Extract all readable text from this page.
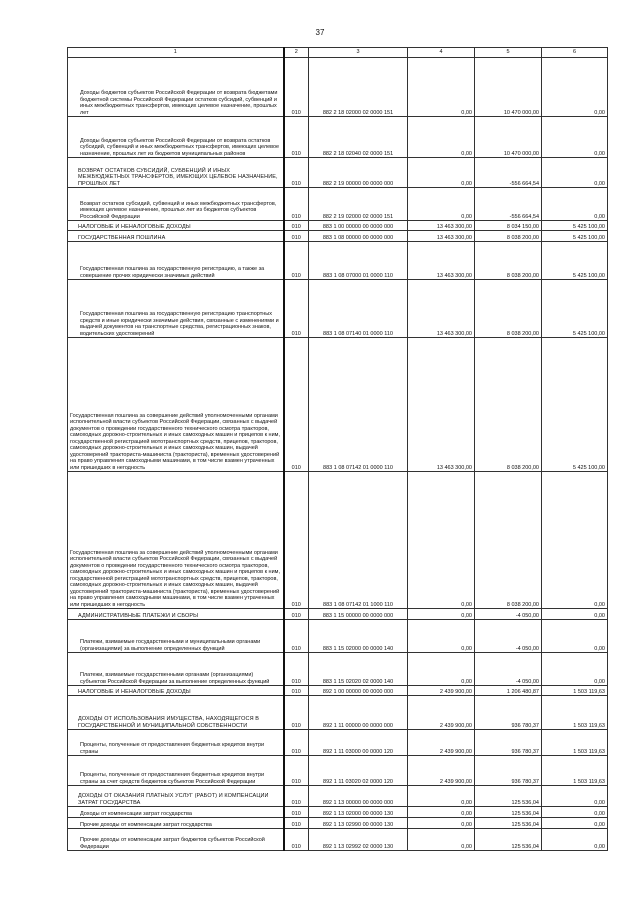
37
1	2	3	4	5	6
Доходы бюджетов субъектов Российской Федерации от возврата бюджетами бюджетной системы Российской Федерации остатков субсидий, субвенций и иных межбюджетных трансфертов, имеющих целевое назначение, прошлых лет	010	882 2 18 02000 02 0000 151	0,00	10 470 000,00	0,00
Доходы бюджетов субъектов Российской Федерации от возврата остатков субсидий, субвенций и иных межбюджетных трансфертов, имеющих целевое назначение, прошлых лет из бюджетов муниципальных районов	010	882 2 18 02040 02 0000 151	0,00	10 470 000,00	0,00
ВОЗВРАТ ОСТАТКОВ СУБСИДИЙ, СУБВЕНЦИЙ И ИНЫХ МЕЖБЮДЖЕТНЫХ ТРАНСФЕРТОВ, ИМЕЮЩИХ ЦЕЛЕВОЕ НАЗНАЧЕНИЕ, ПРОШЛЫХ ЛЕТ	010	882 2 19 00000 00 0000 000	0,00	-556 664,54	0,00
Возврат остатков субсидий, субвенций и иных межбюджетных трансфертов, имеющих целевое назначение, прошлых лет из бюджетов субъектов Российской Федерации	010	882 2 19 02000 02 0000 151	0,00	-556 664,54	0,00
НАЛОГОВЫЕ И НЕНАЛОГОВЫЕ ДОХОДЫ	010	883 1 00 00000 00 0000 000	13 463 300,00	8 034 150,00	5 425 100,00
ГОСУДАРСТВЕННАЯ ПОШЛИНА	010	883 1 08 00000 00 0000 000	13 463 300,00	8 038 200,00	5 425 100,00
Государственная пошлина за государственную регистрацию, а также за совершение прочих юридически значимых действий	010	883 1 08 07000 01 0000 110	13 463 300,00	8 038 200,00	5 425 100,00
Государственная пошлина за государственную регистрацию транспортных средств и иные юридически значимые действия, связанные с изменениями и выдачей документов на транспортные средства, регистрационных знаков, водительских удостоверений	010	883 1 08 07140 01 0000 110	13 463 300,00	8 038 200,00	5 425 100,00
Государственная пошлина за совершение действий уполномоченными органами исполнительной власти субъектов Российской Федерации, связанных с выдачей документов о проведении государственного технического осмотра тракторов, самоходных дорожно-строительных и иных самоходных машин и прицепов к ним, государственной регистрацией мототранспортных средств, прицепов, тракторов, самоходных дорожно-строительных и иных самоходных машин, выдачей удостоверений тракториста-машиниста (тракториста), временных удостоверений на право управления самоходными машинами, в том числе взамен утраченных или пришедших в негодность	010	883 1 08 07142 01 0000 110	13 463 300,00	8 038 200,00	5 425 100,00
Государственная пошлина за совершение действий уполномоченными органами исполнительной власти субъектов Российской Федерации, связанных с выдачей документов о проведении государственного технического осмотра тракторов, самоходных дорожно-строительных и иных самоходных машин и прицепов к ним, государственной регистрацией мототранспортных средств, прицепов, тракторов, самоходных дорожно-строительных и иных самоходных машин, выдачей удостоверений тракториста-машиниста (тракториста), временных удостоверений на право управления самоходными машинами, в том числе взамен утраченных или пришедших в негодность	010	883 1 08 07142 01 1000 110	0,00	8 038 200,00	0,00
АДМИНИСТРАТИВНЫЕ ПЛАТЕЖИ И СБОРЫ	010	883 1 15 00000 00 0000 000	0,00	-4 050,00	0,00
Платежи, взимаемые государственными и муниципальными органами (организациями) за выполнение определенных функций	010	883 1 15 02000 00 0000 140	0,00	-4 050,00	0,00
Платежи, взимаемые государственными органами (организациями) субъектов Российской Федерации за выполнение определенных функций	010	883 1 15 02020 02 0000 140	0,00	-4 050,00	0,00
НАЛОГОВЫЕ И НЕНАЛОГОВЫЕ ДОХОДЫ	010	892 1 00 00000 00 0000 000	2 439 900,00	1 206 480,87	1 503 119,63
ДОХОДЫ ОТ ИСПОЛЬЗОВАНИЯ ИМУЩЕСТВА, НАХОДЯЩЕГОСЯ В ГОСУДАРСТВЕННОЙ И МУНИЦИПАЛЬНОЙ СОБСТВЕННОСТИ	010	892 1 11 00000 00 0000 000	2 439 900,00	936 780,37	1 503 119,63
Проценты, полученные от предоставления бюджетных кредитов внутри страны	010	892 1 11 03000 00 0000 120	2 439 900,00	936 780,37	1 503 119,63
Проценты, полученные от предоставления бюджетных кредитов внутри страны за счет средств бюджетов субъектов Российской Федерации	010	892 1 11 03020 02 0000 120	2 439 900,00	936 780,37	1 503 119,63
ДОХОДЫ ОТ ОКАЗАНИЯ ПЛАТНЫХ УСЛУГ (РАБОТ) И КОМПЕНСАЦИИ ЗАТРАТ ГОСУДАРСТВА	010	892 1 13 00000 00 0000 000	0,00	125 536,04	0,00
Доходы от компенсации затрат государства	010	892 1 13 02000 00 0000 130	0,00	125 536,04	0,00
Прочие доходы от компенсации затрат государства	010	892 1 13 02990 00 0000 130	0,00	125 536,04	0,00
Прочие доходы от компенсации затрат бюджетов субъектов Российской Федерации	010	892 1 13 02992 02 0000 130	0,00	125 536,04	0,00
